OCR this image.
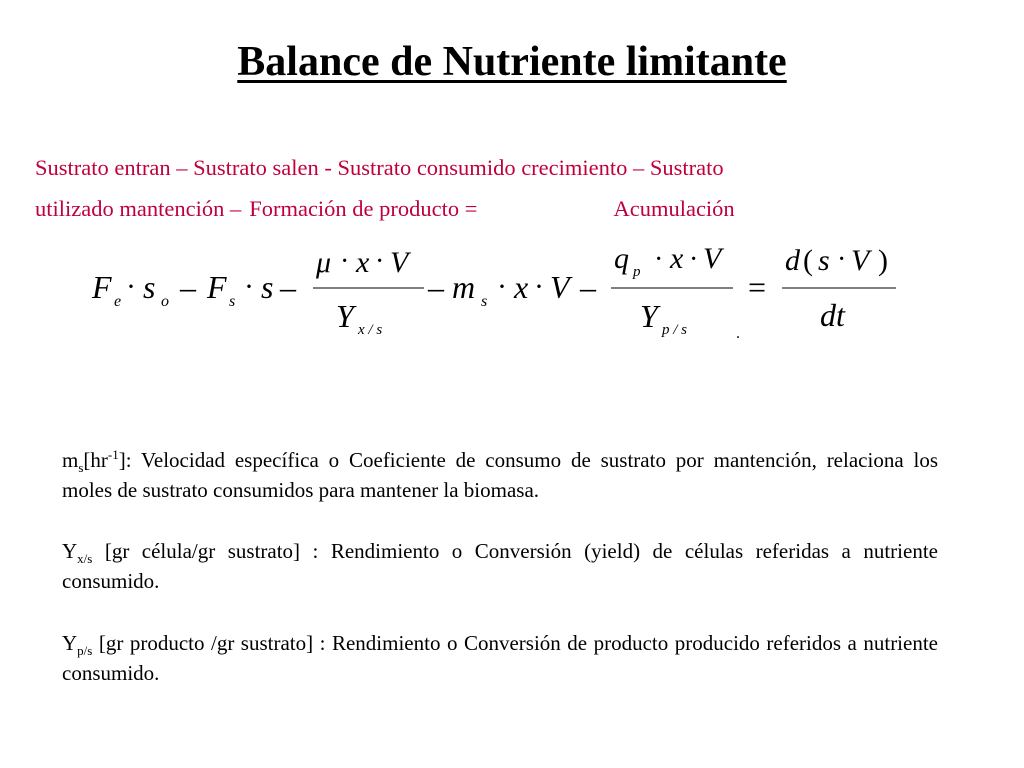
Balance de Nutriente limitante
Sustrato entran – Sustrato salen - Sustrato consumido crecimiento – Sustrato
utilizado mantención – Formación de producto =	Acumulación
F e · s o – F s · s –
μ · x · V
Y x / s
– m s · x · V –
q p · x · V
Y p / s	.
=
d ( s · V )
dt
$m_s[hr^{-1}]$: Velocidad específica o Coeficiente de consumo de sustrato por mantención, relaciona los moles de sustrato consumidos para mantener la biomasa.
$Y_{x/s}$ [gr célula/gr sustrato] : Rendimiento o Conversión (yield) de células referidas a nutriente consumido.
$Y_{p/s}$ [gr producto /gr sustrato] : Rendimiento o Conversión de producto producido referidos a nutriente consumido.
